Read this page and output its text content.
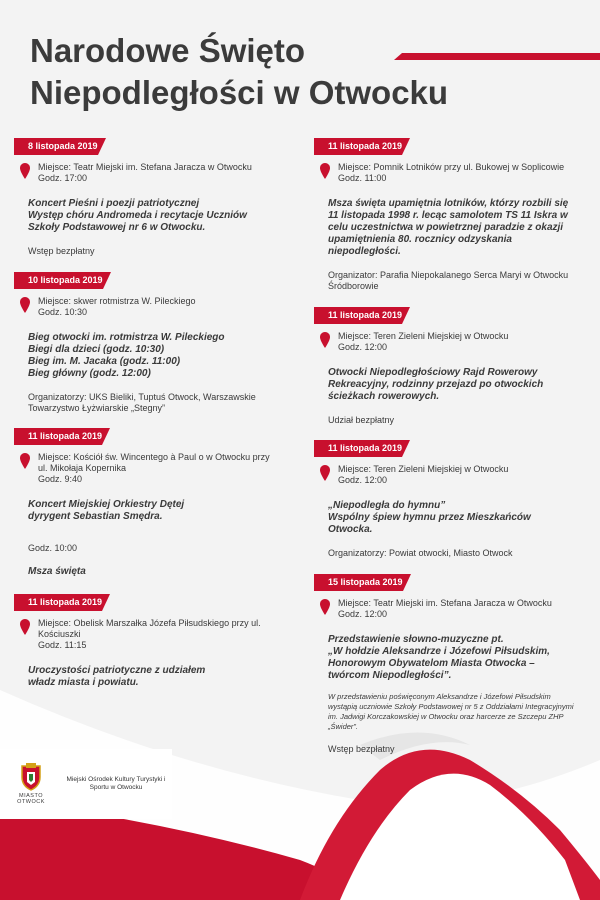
Narodowe Święto
Niepodległości w Otwocku
8 listopada 2019
Miejsce: Teatr Miejski im. Stefana Jaracza w Otwocku
Godz. 17:00
Koncert Pieśni i poezji patriotycznej
Występ chóru Andromeda i recytacje Uczniów Szkoły Podstawowej nr 6 w Otwocku.
Wstęp bezpłatny
10 listopada 2019
Miejsce: skwer rotmistrza W. Pileckiego
Godz. 10:30
Bieg otwocki im. rotmistrza W. Pileckiego
Biegi dla dzieci (godz. 10:30)
Bieg im. M. Jacaka (godz. 11:00)
Bieg główny (godz. 12:00)
Organizatorzy: UKS Bieliki, Tuptuś Otwock, Warszawskie Towarzystwo Łyżwiarskie „Stegny”
11 listopada 2019
Miejsce: Kościół św. Wincentego à Paul o w Otwocku przy ul. Mikołaja Kopernika
Godz. 9:40
Koncert Miejskiej Orkiestry Dętej
dyrygent Sebastian Smędra.
Godz. 10:00
Msza święta
11 listopada 2019
Miejsce: Obelisk Marszałka Józefa Piłsudskiego przy ul. Kościuszki
Godz. 11:15
Uroczystości patriotyczne z udziałem
władz miasta i powiatu.
11 listopada 2019
Miejsce: Pomnik Lotników przy ul. Bukowej w Soplicowie
Godz. 11:00
Msza święta upamiętnia lotników, którzy rozbili się 11 listopada 1998 r. lecąc samolotem TS 11 Iskra w celu uczestnictwa w powietrznej paradzie z okazji upamiętnienia 80. rocznicy odzyskania niepodległości.
Organizator: Parafia Niepokalanego Serca Maryi w Otwocku Śródborowie
11 listopada 2019
Miejsce: Teren Zieleni Miejskiej w Otwocku
Godz. 12:00
Otwocki Niepodległościowy Rajd Rowerowy Rekreacyjny, rodzinny przejazd po otwockich ścieżkach rowerowych.
Udział bezpłatny
11 listopada 2019
Miejsce: Teren Zieleni Miejskiej w Otwocku
Godz. 12:00
„Niepodległa do hymnu”
Wspólny śpiew hymnu przez Mieszkańców Otwocka.
Organizatorzy: Powiat otwocki, Miasto Otwock
15 listopada 2019
Miejsce: Teatr Miejski im. Stefana Jaracza w Otwocku
Godz. 12:00
Przedstawienie słowno-muzyczne pt.
„W hołdzie Aleksandrze i Józefowi Piłsudskim, Honorowym Obywatelom Miasta Otwocka – twórcom Niepodległości”.
W przedstawieniu poświęconym Aleksandrze i Józefowi Piłsudskim wystąpią uczniowie Szkoły Podstawowej nr 5 z Oddziałami Integracyjnymi im. Jadwigi Korczakowskiej w Otwocku oraz harcerze ze Szczepu ZHP „Świder”.
Wstęp bezpłatny
MIASTO
OTWOCK
Miejski Ośrodek Kultury Turystyki i Sportu w Otwocku
